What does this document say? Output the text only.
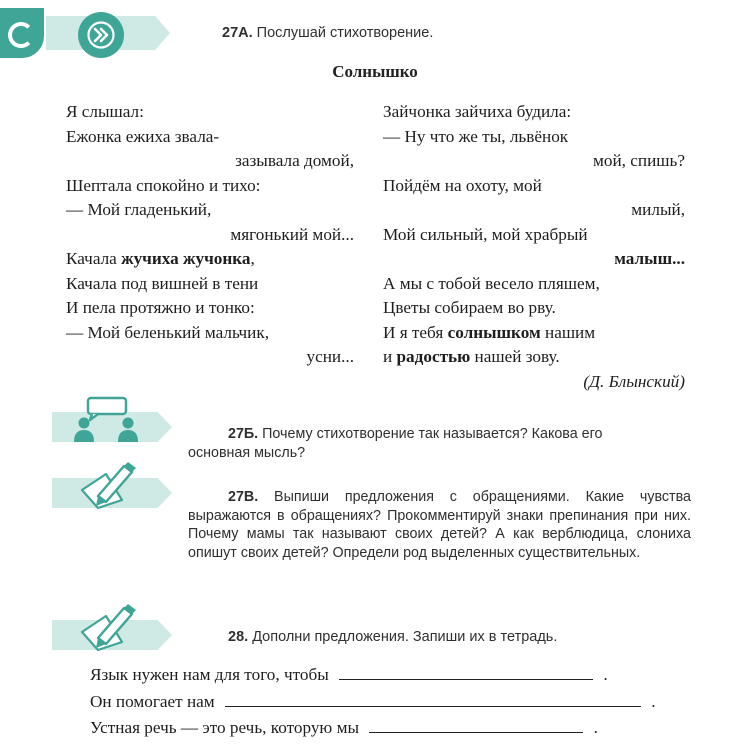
27А. Послушай стихотворение.
Солнышко
Я слышал:
Ежонка ежиха звала-
зазывала домой,
Шептала спокойно и тихо:
— Мой гладенький,
мягонький мой...
Качала жучиха жучонка,
Качала под вишней в тени
И пела протяжно и тонко:
— Мой беленький мальчик,
усни...
Зайчонка зайчиха будила:
— Ну что же ты, львёнок
мой, спишь?
Пойдём на охоту, мой
милый,
Мой сильный, мой храбрый
малыш...
А мы с тобой весело пляшем,
Цветы собираем во рву.
И я тебя солнышком нашим
и радостью нашей зову.
(Д. Блынский)
27Б. Почему стихотворение так называется? Какова его
основная мысль?
27В. Выпиши предложения с обращениями. Какие чувства выражаются в обращениях? Прокомментируй знаки препинания при них. Почему мамы так называют своих детей? А как верблюдица, слониха опишут своих детей? Определи род выделенных существительных.
28. Дополни предложения. Запиши их в тетрадь.
Язык нужен нам для того, чтобы	.
Он помогает нам	.
Устная речь — это речь, которую мы	.
